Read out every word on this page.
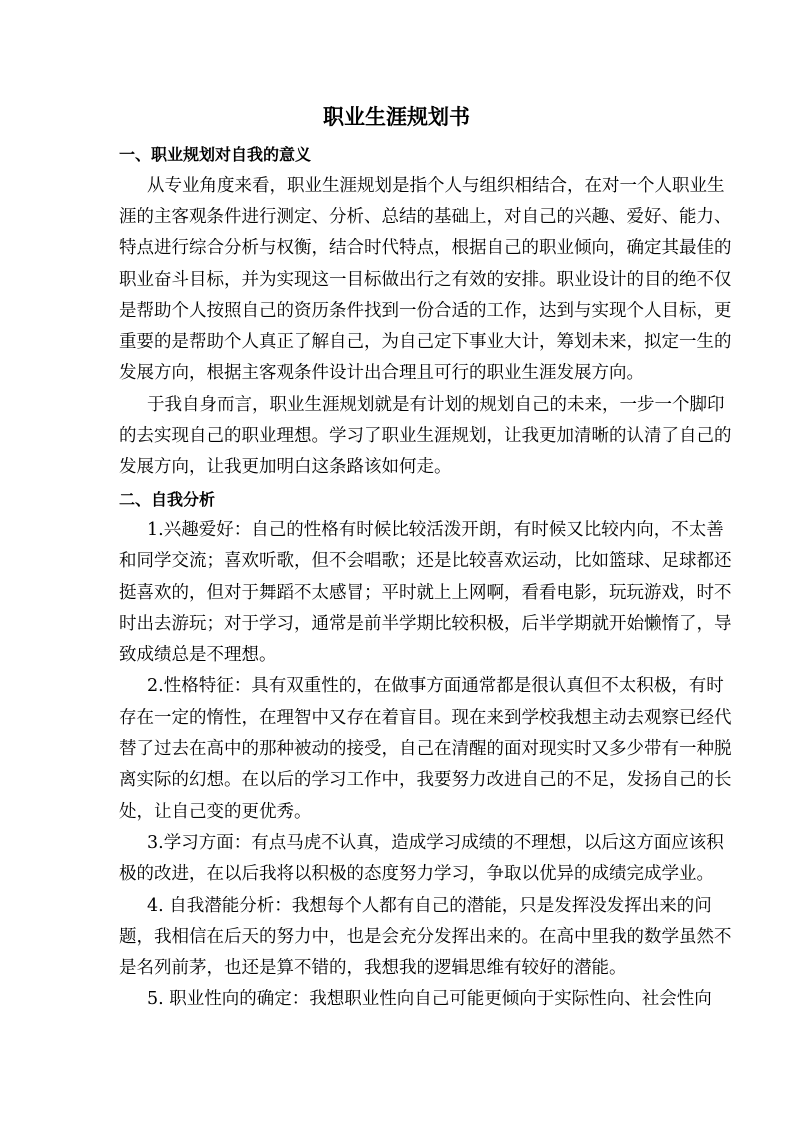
职业生涯规划书
一、职业规划对自我的意义
从专业角度来看，职业生涯规划是指个人与组织相结合，在对一个人职业生
涯的主客观条件进行测定、分析、总结的基础上，对自己的兴趣、爱好、能力、
特点进行综合分析与权衡，结合时代特点，根据自己的职业倾向，确定其最佳的
职业奋斗目标，并为实现这一目标做出行之有效的安排。职业设计的目的绝不仅
是帮助个人按照自己的资历条件找到一份合适的工作，达到与实现个人目标，更
重要的是帮助个人真正了解自己，为自己定下事业大计，筹划未来，拟定一生的
发展方向，根据主客观条件设计出合理且可行的职业生涯发展方向。
于我自身而言，职业生涯规划就是有计划的规划自己的未来，一步一个脚印
的去实现自己的职业理想。学习了职业生涯规划，让我更加清晰的认清了自己的
发展方向，让我更加明白这条路该如何走。
二、自我分析
1.兴趣爱好：自己的性格有时候比较活泼开朗，有时候又比较内向，不太善
和同学交流；喜欢听歌，但不会唱歌；还是比较喜欢运动，比如篮球、足球都还
挺喜欢的，但对于舞蹈不太感冒；平时就上上网啊，看看电影，玩玩游戏，时不
时出去游玩；对于学习，通常是前半学期比较积极，后半学期就开始懒惰了，导
致成绩总是不理想。
2.性格特征：具有双重性的，在做事方面通常都是很认真但不太积极，有时
存在一定的惰性，在理智中又存在着盲目。现在来到学校我想主动去观察已经代
替了过去在高中的那种被动的接受，自己在清醒的面对现实时又多少带有一种脱
离实际的幻想。在以后的学习工作中，我要努力改进自己的不足，发扬自己的长
处，让自己变的更优秀。
3.学习方面：有点马虎不认真，造成学习成绩的不理想，以后这方面应该积
极的改进，在以后我将以积极的态度努力学习，争取以优异的成绩完成学业。
4. 自我潜能分析：我想每个人都有自己的潜能，只是发挥没发挥出来的问
题，我相信在后天的努力中，也是会充分发挥出来的。在高中里我的数学虽然不
是名列前茅，也还是算不错的，我想我的逻辑思维有较好的潜能。
5. 职业性向的确定：我想职业性向自己可能更倾向于实际性向、社会性向
